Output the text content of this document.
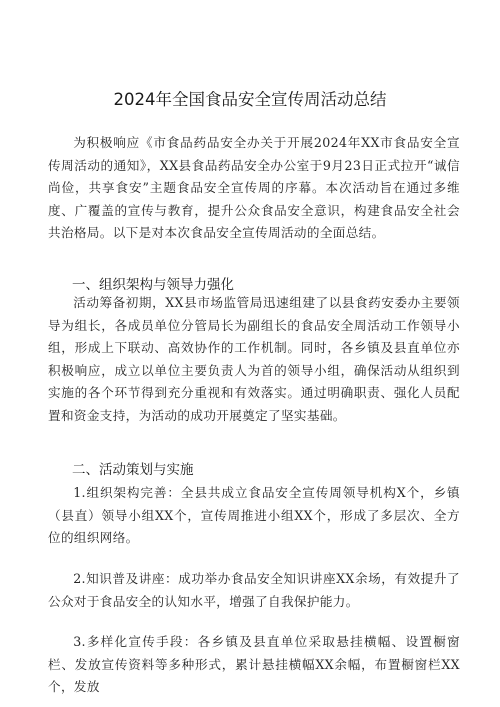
2024年全国食品安全宣传周活动总结

为积极响应《市食品药品安全办关于开展2024年XX市食品安全宣传周活动的通知》，XX县食品药品安全办公室于9月23日正式拉开“诚信尚俭，共享食安”主题食品安全宣传周的序幕。本次活动旨在通过多维度、广覆盖的宣传与教育，提升公众食品安全意识，构建食品安全社会共治格局。以下是对本次食品安全宣传周活动的全面总结。

一、组织架构与领导力强化

活动筹备初期，XX县市场监管局迅速组建了以县食药安委办主要领导为组长，各成员单位分管局长为副组长的食品安全周活动工作领导小组，形成上下联动、高效协作的工作机制。同时，各乡镇及县直单位亦积极响应，成立以单位主要负责人为首的领导小组，确保活动从组织到实施的各个环节得到充分重视和有效落实。通过明确职责、强化人员配置和资金支持，为活动的成功开展奠定了坚实基础。

二、活动策划与实施

1.组织架构完善：全县共成立食品安全宣传周领导机构X个，乡镇（县直）领导小组XX个，宣传周推进小组XX个，形成了多层次、全方位的组织网络。

2.知识普及讲座：成功举办食品安全知识讲座XX余场，有效提升了公众对于食品安全的认知水平，增强了自我保护能力。

3.多样化宣传手段：各乡镇及县直单位采取悬挂横幅、设置橱窗栏、发放宣传资料等多种形式，累计悬挂横幅XX余幅，布置橱窗栏XX个，发放
